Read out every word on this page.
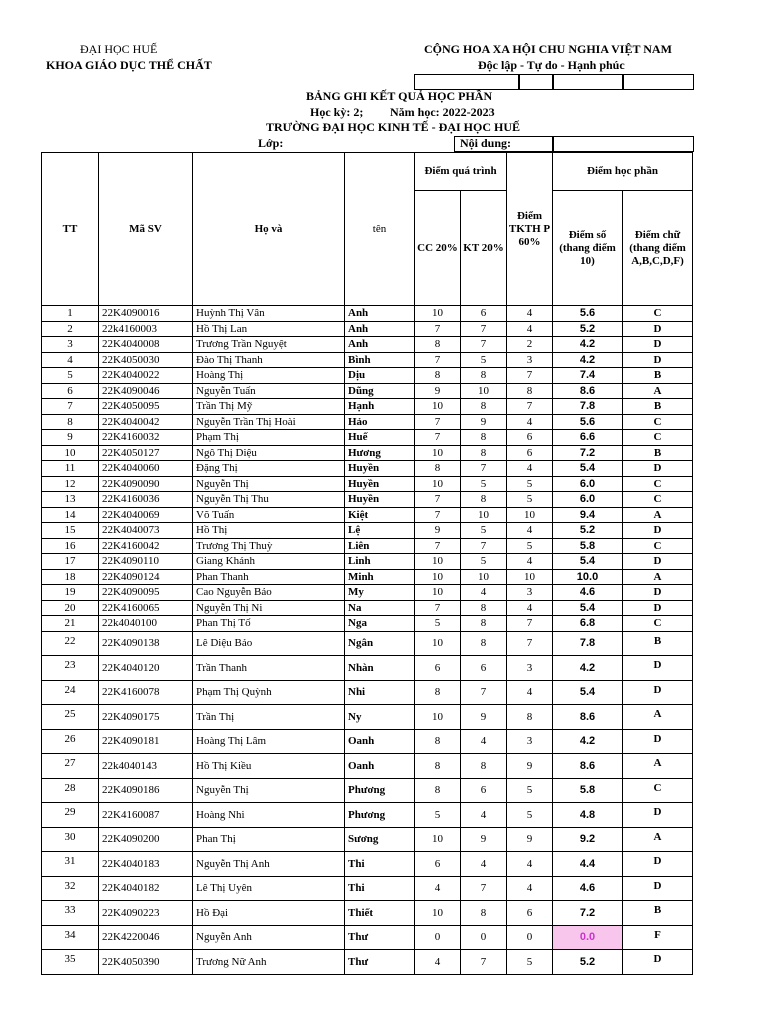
ĐẠI HỌC HUẾ
KHOA GIÁO DỤC THỂ CHẤT
CỘNG HOA XA HỘI CHU NGHIA VIỆT NAM
Độc lập - Tự do - Hạnh phúc
BẢNG GHI KẾT QUẢ HỌC PHẦN
Học kỳ: 2; Năm học: 2022-2023
TRƯỜNG ĐẠI HỌC KINH TẾ - ĐẠI HỌC HUẾ
Lớp:	Nội dung:
TT	Mã SV	Họ và	tên	Điểm quá trình		Điểm TKTH P 60%	Điểm học phần	
				CC 20%	KT 20%		Điểm số (thang điểm 10)	Điểm chữ (thang điểm A,B,C,D,F)
1	22K4090016	Huỳnh Thị Vân	Anh	10	6	4	5.6	C
2	22k4160003	Hồ Thị Lan	Anh	7	7	4	5.2	D
3	22K4040008	Trương Trần Nguyệt	Anh	8	7	2	4.2	D
4	22K4050030	Đào Thị Thanh	Bình	7	5	3	4.2	D
5	22K4040022	Hoàng Thị	Dịu	8	8	7	7.4	B
6	22K4090046	Nguyễn Tuấn	Dũng	9	10	8	8.6	A
7	22K4050095	Trần Thị Mỹ	Hạnh	10	8	7	7.8	B
8	22K4040042	Nguyễn Trần Thị Hoài	Hảo	7	9	4	5.6	C
9	22K4160032	Phạm Thị	Huế	7	8	6	6.6	C
10	22K4050127	Ngô Thị Diệu	Hương	10	8	6	7.2	B
11	22K4040060	Đặng Thị	Huyền	8	7	4	5.4	D
12	22K4090090	Nguyễn Thị	Huyền	10	5	5	6.0	C
13	22K4160036	Nguyễn Thị Thu	Huyền	7	8	5	6.0	C
14	22K4040069	Võ Tuấn	Kiệt	7	10	10	9.4	A
15	22K4040073	Hồ Thị	Lệ	9	5	4	5.2	D
16	22K4160042	Trương Thị Thuỳ	Liên	7	7	5	5.8	C
17	22K4090110	Giang Khánh	Linh	10	5	4	5.4	D
18	22K4090124	Phan Thanh	Minh	10	10	10	10.0	A
19	22K4090095	Cao Nguyễn Bảo	My	10	4	3	4.6	D
20	22K4160065	Nguyễn Thị Ni	Na	7	8	4	5.4	D
21	22k4040100	Phan Thị Tố	Nga	5	8	7	6.8	C
22	22K4090138	Lê Diệu Bảo	Ngân	10	8	7	7.8	B
23	22K4040120	Trần Thanh	Nhàn	6	6	3	4.2	D
24	22K4160078	Phạm Thị Quỳnh	Nhi	8	7	4	5.4	D
25	22K4090175	Trần Thị	Ny	10	9	8	8.6	A
26	22K4090181	Hoàng Thị Lâm	Oanh	8	4	3	4.2	D
27	22k4040143	Hồ Thị Kiều	Oanh	8	8	9	8.6	A
28	22K4090186	Nguyễn Thị	Phương	8	6	5	5.8	C
29	22K4160087	Hoàng Nhi	Phương	5	4	5	4.8	D
30	22K4090200	Phan Thị	Sương	10	9	9	9.2	A
31	22K4040183	Nguyễn Thị Anh	Thi	6	4	4	4.4	D
32	22K4040182	Lê Thị Uyên	Thi	4	7	4	4.6	D
33	22K4090223	Hồ Đại	Thiết	10	8	6	7.2	B
34	22K4220046	Nguyễn Anh	Thư	0	0	0	0.0	F
35	22K4050390	Trương Nữ Anh	Thư	4	7	5	5.2	D
